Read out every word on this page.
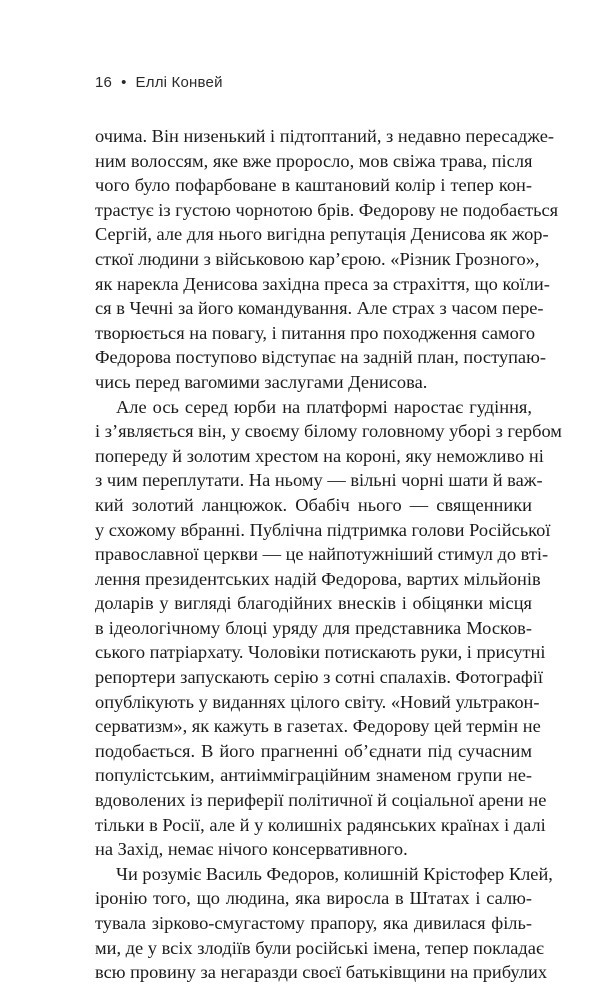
16 • Еллі Конвей
очима. Він низенький і підтоптаний, з недавно пересадже-
ним волоссям, яке вже проросло, мов свіжа трава, після
чого було пофарбоване в каштановий колір і тепер кон-
трастує із густою чорнотою брів. Федорову не подобається
Сергій, але для нього вигідна репутація Денисова як жор-
сткої людини з військовою кар’єрою. «Різник Грозного»,
як нарекла Денисова західна преса за страхіття, що коїли-
ся в Чечні за його командування. Але страх з часом пере-
творюється на повагу, і питання про походження самого
Федорова поступово відступає на задній план, поступаю-
чись перед вагомими заслугами Денисова.
Але ось серед юрби на платформі наростає гудіння,
і з’являється він, у своєму білому головному уборі з гербом
попереду й золотим хрестом на короні, яку неможливо ні
з чим переплутати. На ньому — вільні чорні шати й важ-
кий золотий ланцюжок. Обабіч нього — священники
у схожому вбранні. Публічна підтримка голови Російської
православної церкви — це найпотужніший стимул до вті-
лення президентських надій Федорова, вартих мільйонів
доларів у вигляді благодійних внесків і обіцянки місця
в ідеологічному блоці уряду для представника Москов-
ського патріархату. Чоловіки потискають руки, і присутні
репортери запускають серію з сотні спалахів. Фотографії
опублікують у виданнях цілого світу. «Новий ультракон-
серватизм», як кажуть в газетах. Федорову цей термін не
подобається. В його прагненні об’єднати під сучасним
популістським, антиімміграційним знаменом групи не-
вдоволених із периферії політичної й соціальної арени не
тільки в Росії, але й у колишніх радянських країнах і далі
на Захід, немає нічого консервативного.
Чи розуміє Василь Федоров, колишній Крістофер Клей,
іронію того, що людина, яка виросла в Штатах і салю-
тувала зірково-смугастому прапору, яка дивилася філь-
ми, де у всіх злодіїв були російські імена, тепер покладає
всю провину за негаразди своєї батьківщини на прибулих
